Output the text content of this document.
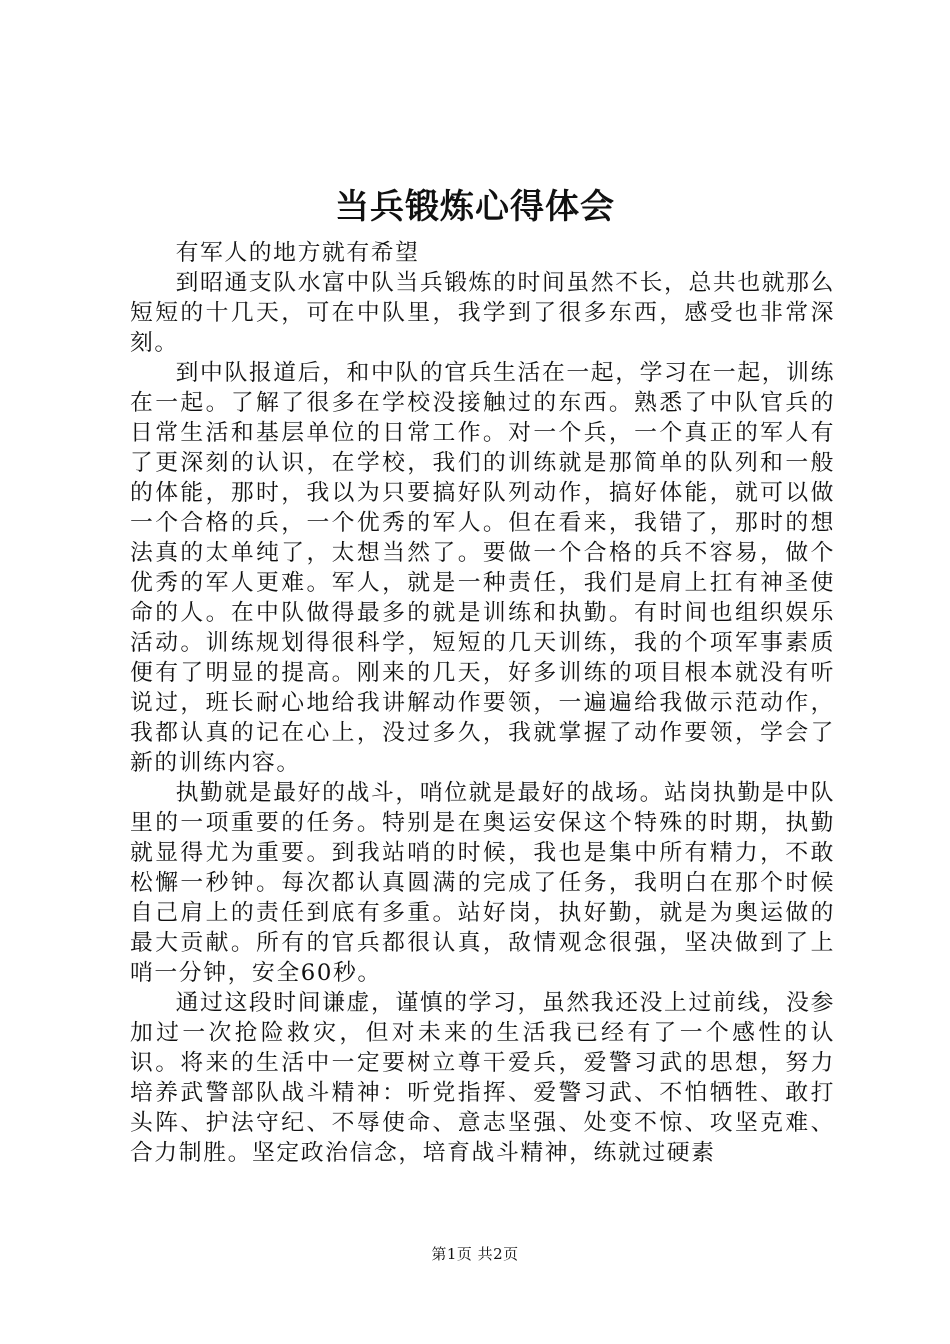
当兵锻炼心得体会

有军人的地方就有希望

到昭通支队水富中队当兵锻炼的时间虽然不长，总共也就那么短短的十几天，可在中队里，我学到了很多东西，感受也非常深刻。

到中队报道后，和中队的官兵生活在一起，学习在一起，训练在一起。了解了很多在学校没接触过的东西。熟悉了中队官兵的日常生活和基层单位的日常工作。对一个兵，一个真正的军人有了更深刻的认识，在学校，我们的训练就是那简单的队列和一般的体能，那时，我以为只要搞好队列动作，搞好体能，就可以做一个合格的兵，一个优秀的军人。但在看来，我错了，那时的想法真的太单纯了，太想当然了。要做一个合格的兵不容易，做个优秀的军人更难。军人，就是一种责任，我们是肩上扛有神圣使命的人。在中队做得最多的就是训练和执勤。有时间也组织娱乐活动。训练规划得很科学，短短的几天训练，我的个项军事素质便有了明显的提高。刚来的几天，好多训练的项目根本就没有听说过，班长耐心地给我讲解动作要领，一遍遍给我做示范动作，我都认真的记在心上，没过多久，我就掌握了动作要领，学会了新的训练内容。

执勤就是最好的战斗，哨位就是最好的战场。站岗执勤是中队里的一项重要的任务。特别是在奥运安保这个特殊的时期，执勤就显得尤为重要。到我站哨的时候，我也是集中所有精力，不敢松懈一秒钟。每次都认真圆满的完成了任务，我明白在那个时候自己肩上的责任到底有多重。站好岗，执好勤，就是为奥运做的最大贡献。所有的官兵都很认真，敌情观念很强，坚决做到了上哨一分钟，安全60秒。

通过这段时间谦虚，谨慎的学习，虽然我还没上过前线，没参加过一次抢险救灾，但对未来的生活我已经有了一个感性的认识。将来的生活中一定要树立尊干爱兵，爱警习武的思想，努力培养武警部队战斗精神：听党指挥、爱警习武、不怕牺牲、敢打头阵、护法守纪、不辱使命、意志坚强、处变不惊、攻坚克难、合力制胜。坚定政治信念，培育战斗精神，练就过硬素

第1页 共2页
